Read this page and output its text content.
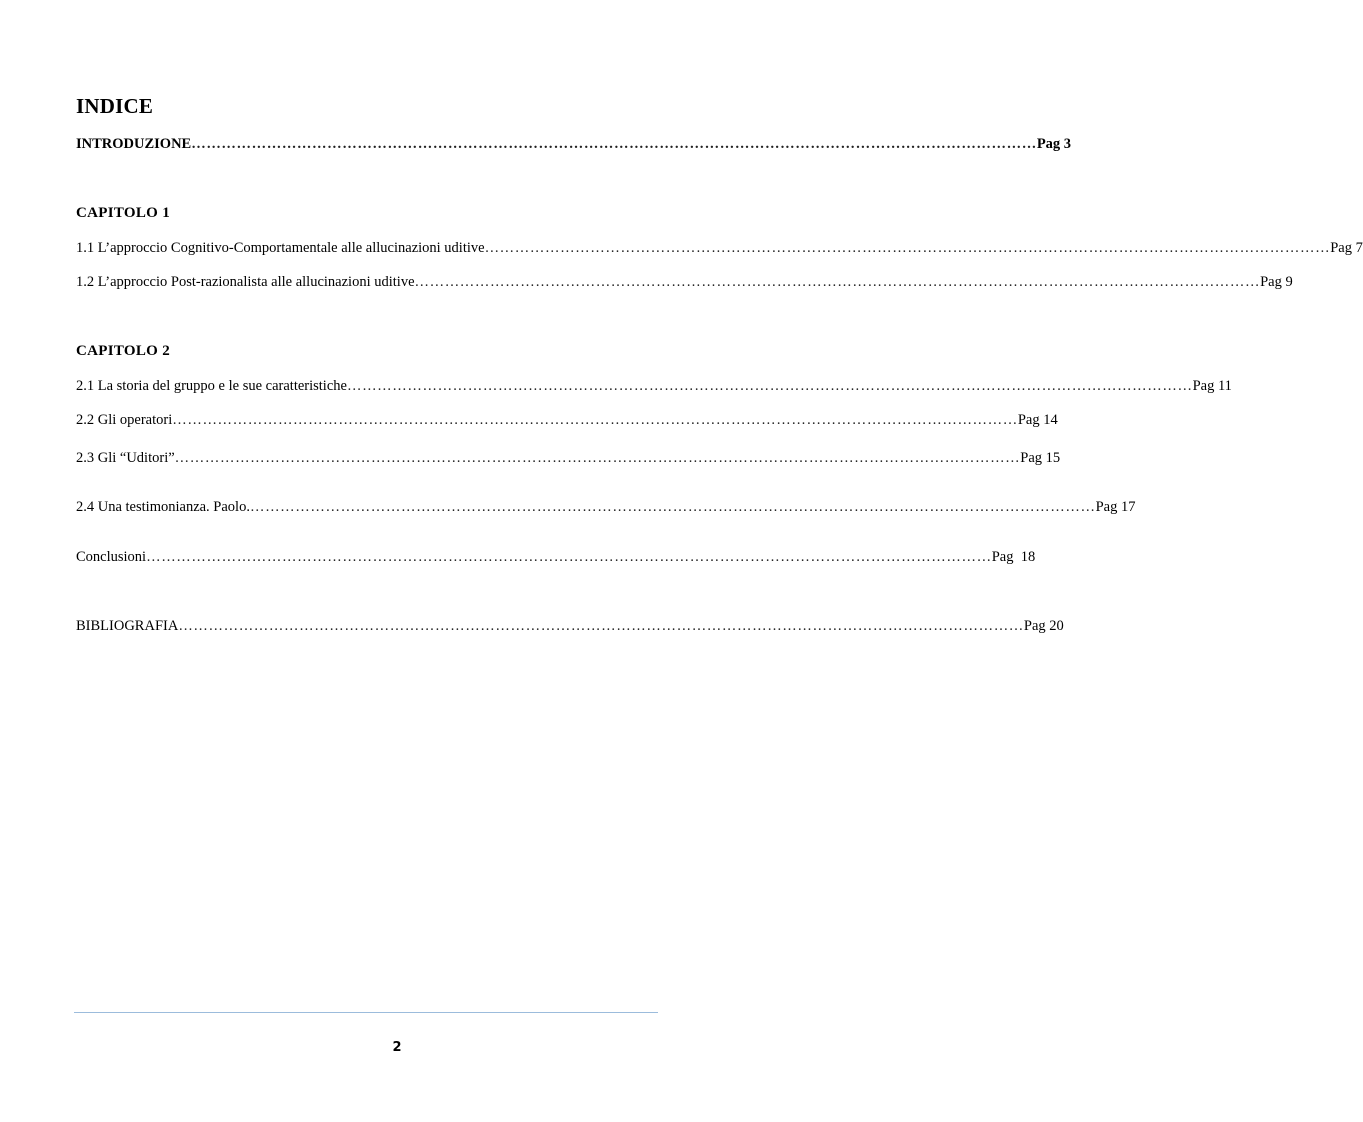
INDICE
INTRODUZIONE …………………………………………………………………………………………………………………………………………………… Pag 3
CAPITOLO 1
1.1 L’approccio Cognitivo-Comportamentale alle allucinazioni uditive …………………………………………………………………………………………………………………………………………………… Pag 7
1.2 L’approccio Post-razionalista alle allucinazioni uditive …………………………………………………………………………………………………………………………………………………… Pag 9
CAPITOLO 2
2.1 La storia del gruppo e le sue caratteristiche …………………………………………………………………………………………………………………………………………………… Pag 11
2.2 Gli operatori …………………………………………………………………………………………………………………………………………………… Pag 14
2.3 Gli “Uditori” …………………………………………………………………………………………………………………………………………………… Pag 15
2.4 Una testimonianza. Paolo. …………………………………………………………………………………………………………………………………………………… Pag 17
Conclusioni …………………………………………………………………………………………………………………………………………………… Pag  18
BIBLIOGRAFIA …………………………………………………………………………………………………………………………………………………… Pag 20
2
